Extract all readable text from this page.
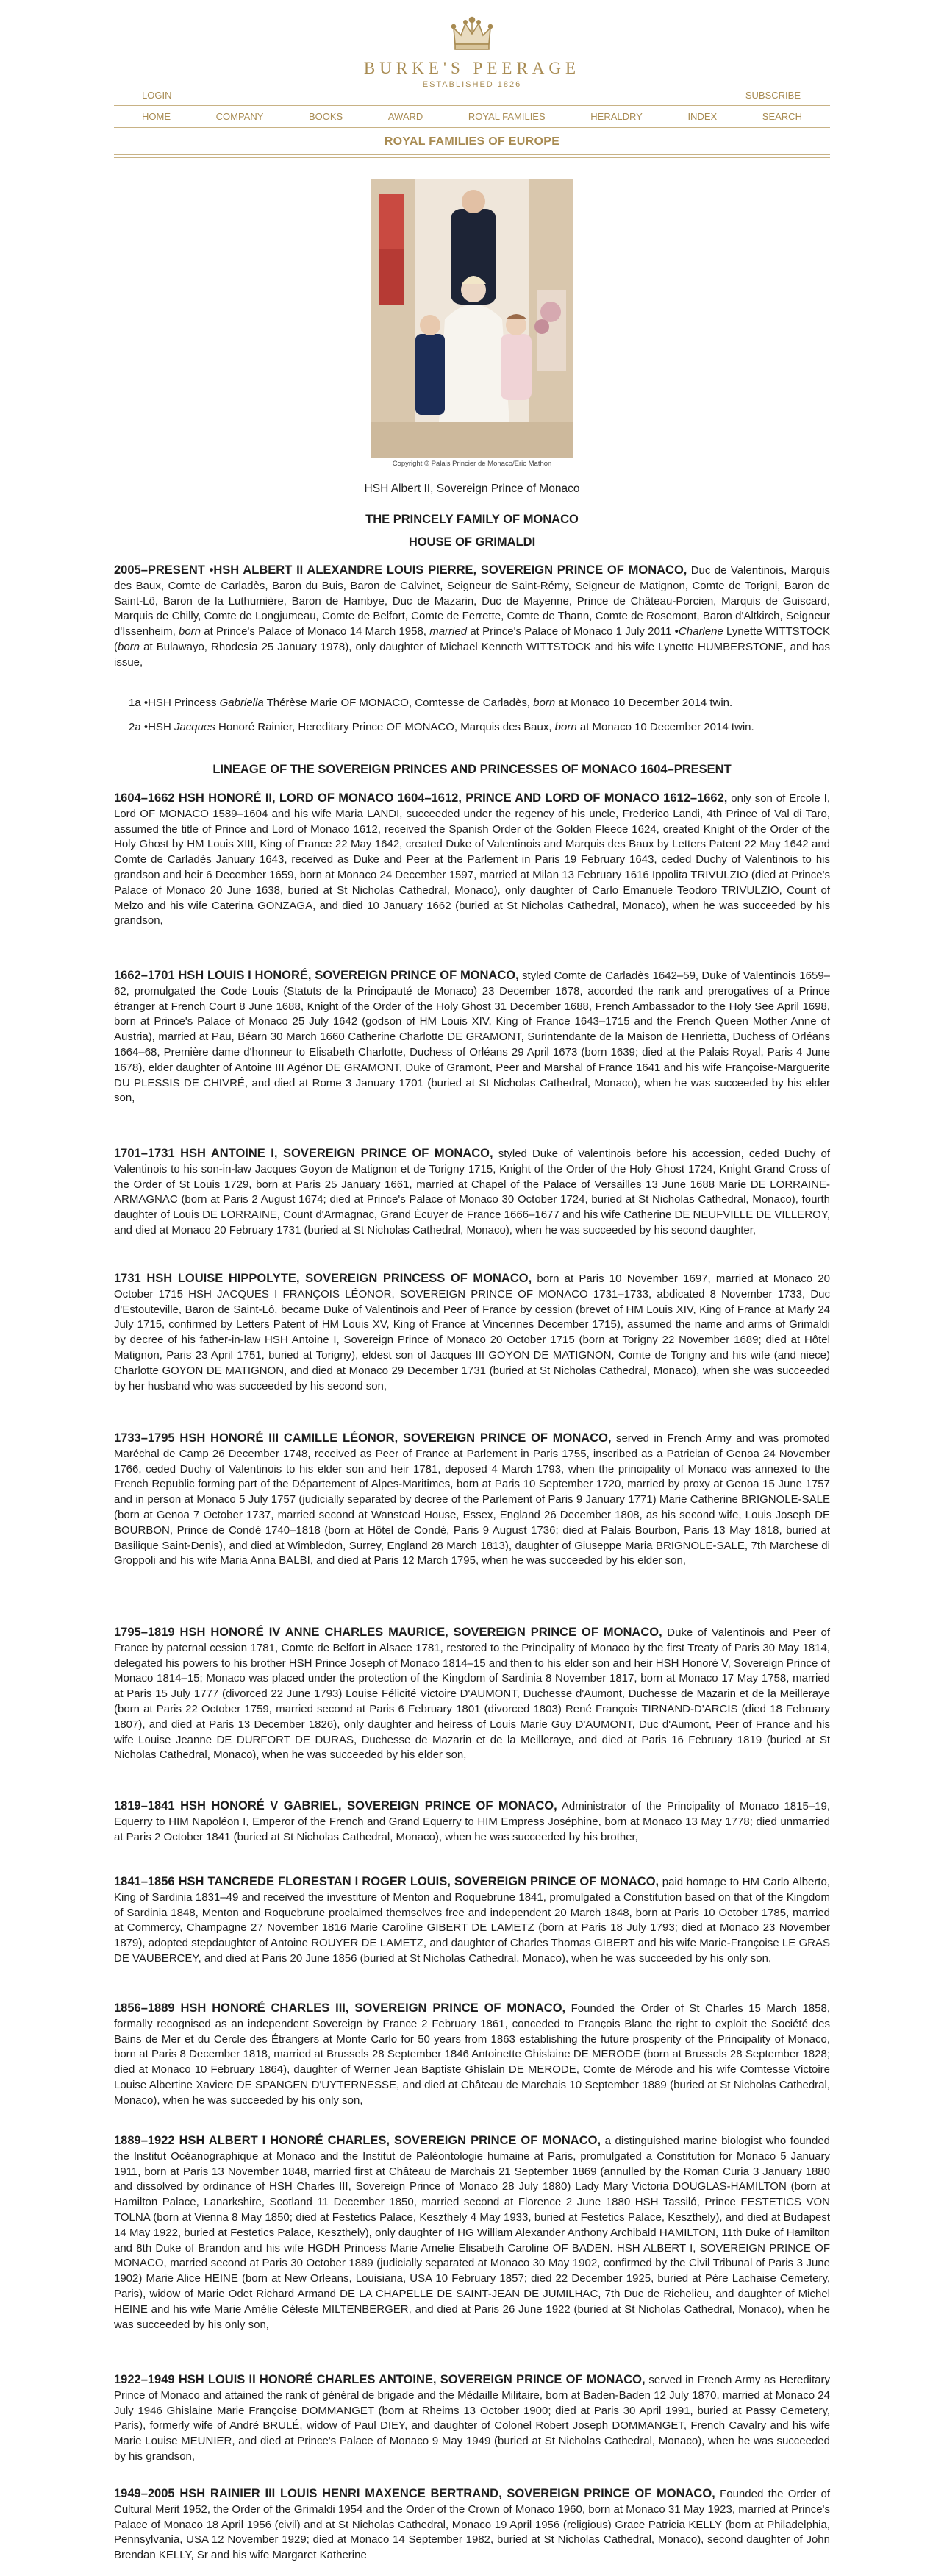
BURKE'S PEERAGE
ESTABLISHED 1826
LOGIN	SUBSCRIBE
HOME	COMPANY	BOOKS	AWARD	ROYAL FAMILIES	HERALDRY	INDEX	SEARCH
ROYAL FAMILIES OF EUROPE
Copyright © Palais Princier de Monaco/Eric Mathon
HSH Albert II, Sovereign Prince of Monaco
THE PRINCELY FAMILY OF MONACO
HOUSE OF GRIMALDI
2005–PRESENT •HSH ALBERT II ALEXANDRE LOUIS PIERRE, SOVEREIGN PRINCE OF MONACO, Duc de Valentinois, Marquis des Baux, Comte de Carladès, Baron du Buis, Baron de Calvinet, Seigneur de Saint-Rémy, Seigneur de Matignon, Comte de Torigni, Baron de Saint-Lô, Baron de la Luthumière, Baron de Hambye, Duc de Mazarin, Duc de Mayenne, Prince de Château-Porcien, Marquis de Guiscard, Marquis de Chilly, Comte de Longjumeau, Comte de Belfort, Comte de Ferrette, Comte de Thann, Comte de Rosemont, Baron d'Altkirch, Seigneur d'Issenheim, born at Prince's Palace of Monaco 14 March 1958, married at Prince's Palace of Monaco 1 July 2011 •Charlene Lynette WITTSTOCK (born at Bulawayo, Rhodesia 25 January 1978), only daughter of Michael Kenneth WITTSTOCK and his wife Lynette HUMBERSTONE, and has issue,
1a •HSH Princess Gabriella Thérèse Marie OF MONACO, Comtesse de Carladès, born at Monaco 10 December 2014 twin.
2a •HSH Jacques Honoré Rainier, Hereditary Prince OF MONACO, Marquis des Baux, born at Monaco 10 December 2014 twin.
LINEAGE OF THE SOVEREIGN PRINCES AND PRINCESSES OF MONACO 1604–PRESENT
1604–1662 HSH HONORÉ II, LORD OF MONACO 1604–1612, PRINCE AND LORD OF MONACO 1612–1662, only son of Ercole I, Lord OF MONACO 1589–1604 and his wife Maria LANDI, succeeded under the regency of his uncle, Frederico Landi, 4th Prince of Val di Taro, assumed the title of Prince and Lord of Monaco 1612, received the Spanish Order of the Golden Fleece 1624, created Knight of the Order of the Holy Ghost by HM Louis XIII, King of France 22 May 1642, created Duke of Valentinois and Marquis des Baux by Letters Patent 22 May 1642 and Comte de Carladès January 1643, received as Duke and Peer at the Parlement in Paris 19 February 1643, ceded Duchy of Valentinois to his grandson and heir 6 December 1659, born at Monaco 24 December 1597, married at Milan 13 February 1616 Ippolita TRIVULZIO (died at Prince's Palace of Monaco 20 June 1638, buried at St Nicholas Cathedral, Monaco), only daughter of Carlo Emanuele Teodoro TRIVULZIO, Count of Melzo and his wife Caterina GONZAGA, and died 10 January 1662 (buried at St Nicholas Cathedral, Monaco), when he was succeeded by his grandson,
1662–1701 HSH LOUIS I HONORÉ, SOVEREIGN PRINCE OF MONACO, styled Comte de Carladès 1642–59, Duke of Valentinois 1659–62, promulgated the Code Louis (Statuts de la Principauté de Monaco) 23 December 1678, accorded the rank and prerogatives of a Prince étranger at French Court 8 June 1688, Knight of the Order of the Holy Ghost 31 December 1688, French Ambassador to the Holy See April 1698, born at Prince's Palace of Monaco 25 July 1642 (godson of HM Louis XIV, King of France 1643–1715 and the French Queen Mother Anne of Austria), married at Pau, Béarn 30 March 1660 Catherine Charlotte DE GRAMONT, Surintendante de la Maison de Henrietta, Duchess of Orléans 1664–68, Première dame d'honneur to Elisabeth Charlotte, Duchess of Orléans 29 April 1673 (born 1639; died at the Palais Royal, Paris 4 June 1678), elder daughter of Antoine III Agénor DE GRAMONT, Duke of Gramont, Peer and Marshal of France 1641 and his wife Françoise-Marguerite DU PLESSIS DE CHIVRÉ, and died at Rome 3 January 1701 (buried at St Nicholas Cathedral, Monaco), when he was succeeded by his elder son,
1701–1731 HSH ANTOINE I, SOVEREIGN PRINCE OF MONACO, styled Duke of Valentinois before his accession, ceded Duchy of Valentinois to his son-in-law Jacques Goyon de Matignon et de Torigny 1715, Knight of the Order of the Holy Ghost 1724, Knight Grand Cross of the Order of St Louis 1729, born at Paris 25 January 1661, married at Chapel of the Palace of Versailles 13 June 1688 Marie DE LORRAINE-ARMAGNAC (born at Paris 2 August 1674; died at Prince's Palace of Monaco 30 October 1724, buried at St Nicholas Cathedral, Monaco), fourth daughter of Louis DE LORRAINE, Count d'Armagnac, Grand Écuyer de France 1666–1677 and his wife Catherine DE NEUFVILLE DE VILLEROY, and died at Monaco 20 February 1731 (buried at St Nicholas Cathedral, Monaco), when he was succeeded by his second daughter,
1731 HSH LOUISE HIPPOLYTE, SOVEREIGN PRINCESS OF MONACO, born at Paris 10 November 1697, married at Monaco 20 October 1715 HSH JACQUES I FRANÇOIS LÉONOR, SOVEREIGN PRINCE OF MONACO 1731–1733, abdicated 8 November 1733, Duc d'Estouteville, Baron de Saint-Lô, became Duke of Valentinois and Peer of France by cession (brevet of HM Louis XIV, King of France at Marly 24 July 1715, confirmed by Letters Patent of HM Louis XV, King of France at Vincennes December 1715), assumed the name and arms of Grimaldi by decree of his father-in-law HSH Antoine I, Sovereign Prince of Monaco 20 October 1715 (born at Torigny 22 November 1689; died at Hôtel Matignon, Paris 23 April 1751, buried at Torigny), eldest son of Jacques III GOYON DE MATIGNON, Comte de Torigny and his wife (and niece) Charlotte GOYON DE MATIGNON, and died at Monaco 29 December 1731 (buried at St Nicholas Cathedral, Monaco), when she was succeeded by her husband who was succeeded by his second son,
1733–1795 HSH HONORÉ III CAMILLE LÉONOR, SOVEREIGN PRINCE OF MONACO, served in French Army and was promoted Maréchal de Camp 26 December 1748, received as Peer of France at Parlement in Paris 1755, inscribed as a Patrician of Genoa 24 November 1766, ceded Duchy of Valentinois to his elder son and heir 1781, deposed 4 March 1793, when the principality of Monaco was annexed to the French Republic forming part of the Département of Alpes-Maritimes, born at Paris 10 September 1720, married by proxy at Genoa 15 June 1757 and in person at Monaco 5 July 1757 (judicially separated by decree of the Parlement of Paris 9 January 1771) Marie Catherine BRIGNOLE-SALE (born at Genoa 7 October 1737, married second at Wanstead House, Essex, England 26 December 1808, as his second wife, Louis Joseph DE BOURBON, Prince de Condé 1740–1818 (born at Hôtel de Condé, Paris 9 August 1736; died at Palais Bourbon, Paris 13 May 1818, buried at Basilique Saint-Denis), and died at Wimbledon, Surrey, England 28 March 1813), daughter of Giuseppe Maria BRIGNOLE-SALE, 7th Marchese di Groppoli and his wife Maria Anna BALBI, and died at Paris 12 March 1795, when he was succeeded by his elder son,
1795–1819 HSH HONORÉ IV ANNE CHARLES MAURICE, SOVEREIGN PRINCE OF MONACO, Duke of Valentinois and Peer of France by paternal cession 1781, Comte de Belfort in Alsace 1781, restored to the Principality of Monaco by the first Treaty of Paris 30 May 1814, delegated his powers to his brother HSH Prince Joseph of Monaco 1814–15 and then to his elder son and heir HSH Honoré V, Sovereign Prince of Monaco 1814–15; Monaco was placed under the protection of the Kingdom of Sardinia 8 November 1817, born at Monaco 17 May 1758, married at Paris 15 July 1777 (divorced 22 June 1793) Louise Félicité Victoire D'AUMONT, Duchesse d'Aumont, Duchesse de Mazarin et de la Meilleraye (born at Paris 22 October 1759, married second at Paris 6 February 1801 (divorced 1803) René François TIRNAND-D'ARCIS (died 18 February 1807), and died at Paris 13 December 1826), only daughter and heiress of Louis Marie Guy D'AUMONT, Duc d'Aumont, Peer of France and his wife Louise Jeanne DE DURFORT DE DURAS, Duchesse de Mazarin et de la Meilleraye, and died at Paris 16 February 1819 (buried at St Nicholas Cathedral, Monaco), when he was succeeded by his elder son,
1819–1841 HSH HONORÉ V GABRIEL, SOVEREIGN PRINCE OF MONACO, Administrator of the Principality of Monaco 1815–19, Equerry to HIM Napoléon I, Emperor of the French and Grand Equerry to HIM Empress Joséphine, born at Monaco 13 May 1778; died unmarried at Paris 2 October 1841 (buried at St Nicholas Cathedral, Monaco), when he was succeeded by his brother,
1841–1856 HSH TANCREDE FLORESTAN I ROGER LOUIS, SOVEREIGN PRINCE OF MONACO, paid homage to HM Carlo Alberto, King of Sardinia 1831–49 and received the investiture of Menton and Roquebrune 1841, promulgated a Constitution based on that of the Kingdom of Sardinia 1848, Menton and Roquebrune proclaimed themselves free and independent 20 March 1848, born at Paris 10 October 1785, married at Commercy, Champagne 27 November 1816 Marie Caroline GIBERT DE LAMETZ (born at Paris 18 July 1793; died at Monaco 23 November 1879), adopted stepdaughter of Antoine ROUYER DE LAMETZ, and daughter of Charles Thomas GIBERT and his wife Marie-Françoise LE GRAS DE VAUBERCEY, and died at Paris 20 June 1856 (buried at St Nicholas Cathedral, Monaco), when he was succeeded by his only son,
1856–1889 HSH HONORÉ CHARLES III, SOVEREIGN PRINCE OF MONACO, Founded the Order of St Charles 15 March 1858, formally recognised as an independent Sovereign by France 2 February 1861, conceded to François Blanc the right to exploit the Société des Bains de Mer et du Cercle des Étrangers at Monte Carlo for 50 years from 1863 establishing the future prosperity of the Principality of Monaco, born at Paris 8 December 1818, married at Brussels 28 September 1846 Antoinette Ghislaine DE MERODE (born at Brussels 28 September 1828; died at Monaco 10 February 1864), daughter of Werner Jean Baptiste Ghislain DE MERODE, Comte de Mérode and his wife Comtesse Victoire Louise Albertine Xaviere DE SPANGEN D'UYTERNESSE, and died at Château de Marchais 10 September 1889 (buried at St Nicholas Cathedral, Monaco), when he was succeeded by his only son,
1889–1922 HSH ALBERT I HONORÉ CHARLES, SOVEREIGN PRINCE OF MONACO, a distinguished marine biologist who founded the Institut Océanographique at Monaco and the Institut de Paléontologie humaine at Paris, promulgated a Constitution for Monaco 5 January 1911, born at Paris 13 November 1848, married first at Château de Marchais 21 September 1869 (annulled by the Roman Curia 3 January 1880 and dissolved by ordinance of HSH Charles III, Sovereign Prince of Monaco 28 July 1880) Lady Mary Victoria DOUGLAS-HAMILTON (born at Hamilton Palace, Lanarkshire, Scotland 11 December 1850, married second at Florence 2 June 1880 HSH Tassiló, Prince FESTETICS VON TOLNA (born at Vienna 8 May 1850; died at Festetics Palace, Keszthely 4 May 1933, buried at Festetics Palace, Keszthely), and died at Budapest 14 May 1922, buried at Festetics Palace, Keszthely), only daughter of HG William Alexander Anthony Archibald HAMILTON, 11th Duke of Hamilton and 8th Duke of Brandon and his wife HGDH Princess Marie Amelie Elisabeth Caroline OF BADEN. HSH ALBERT I, SOVEREIGN PRINCE OF MONACO, married second at Paris 30 October 1889 (judicially separated at Monaco 30 May 1902, confirmed by the Civil Tribunal of Paris 3 June 1902) Marie Alice HEINE (born at New Orleans, Louisiana, USA 10 February 1857; died 22 December 1925, buried at Père Lachaise Cemetery, Paris), widow of Marie Odet Richard Armand DE LA CHAPELLE DE SAINT-JEAN DE JUMILHAC, 7th Duc de Richelieu, and daughter of Michel HEINE and his wife Marie Amélie Céleste MILTENBERGER, and died at Paris 26 June 1922 (buried at St Nicholas Cathedral, Monaco), when he was succeeded by his only son,
1922–1949 HSH LOUIS II HONORÉ CHARLES ANTOINE, SOVEREIGN PRINCE OF MONACO, served in French Army as Hereditary Prince of Monaco and attained the rank of général de brigade and the Médaille Militaire, born at Baden-Baden 12 July 1870, married at Monaco 24 July 1946 Ghislaine Marie Françoise DOMMANGET (born at Rheims 13 October 1900; died at Paris 30 April 1991, buried at Passy Cemetery, Paris), formerly wife of André BRULÉ, widow of Paul DIEY, and daughter of Colonel Robert Joseph DOMMANGET, French Cavalry and his wife Marie Louise MEUNIER, and died at Prince's Palace of Monaco 9 May 1949 (buried at St Nicholas Cathedral, Monaco), when he was succeeded by his grandson,
1949–2005 HSH RAINIER III LOUIS HENRI MAXENCE BERTRAND, SOVEREIGN PRINCE OF MONACO, Founded the Order of Cultural Merit 1952, the Order of the Grimaldi 1954 and the Order of the Crown of Monaco 1960, born at Monaco 31 May 1923, married at Prince's Palace of Monaco 18 April 1956 (civil) and at St Nicholas Cathedral, Monaco 19 April 1956 (religious) Grace Patricia KELLY (born at Philadelphia, Pennsylvania, USA 12 November 1929; died at Monaco 14 September 1982, buried at St Nicholas Cathedral, Monaco), second daughter of John Brendan KELLY, Sr and his wife Margaret Katherine
